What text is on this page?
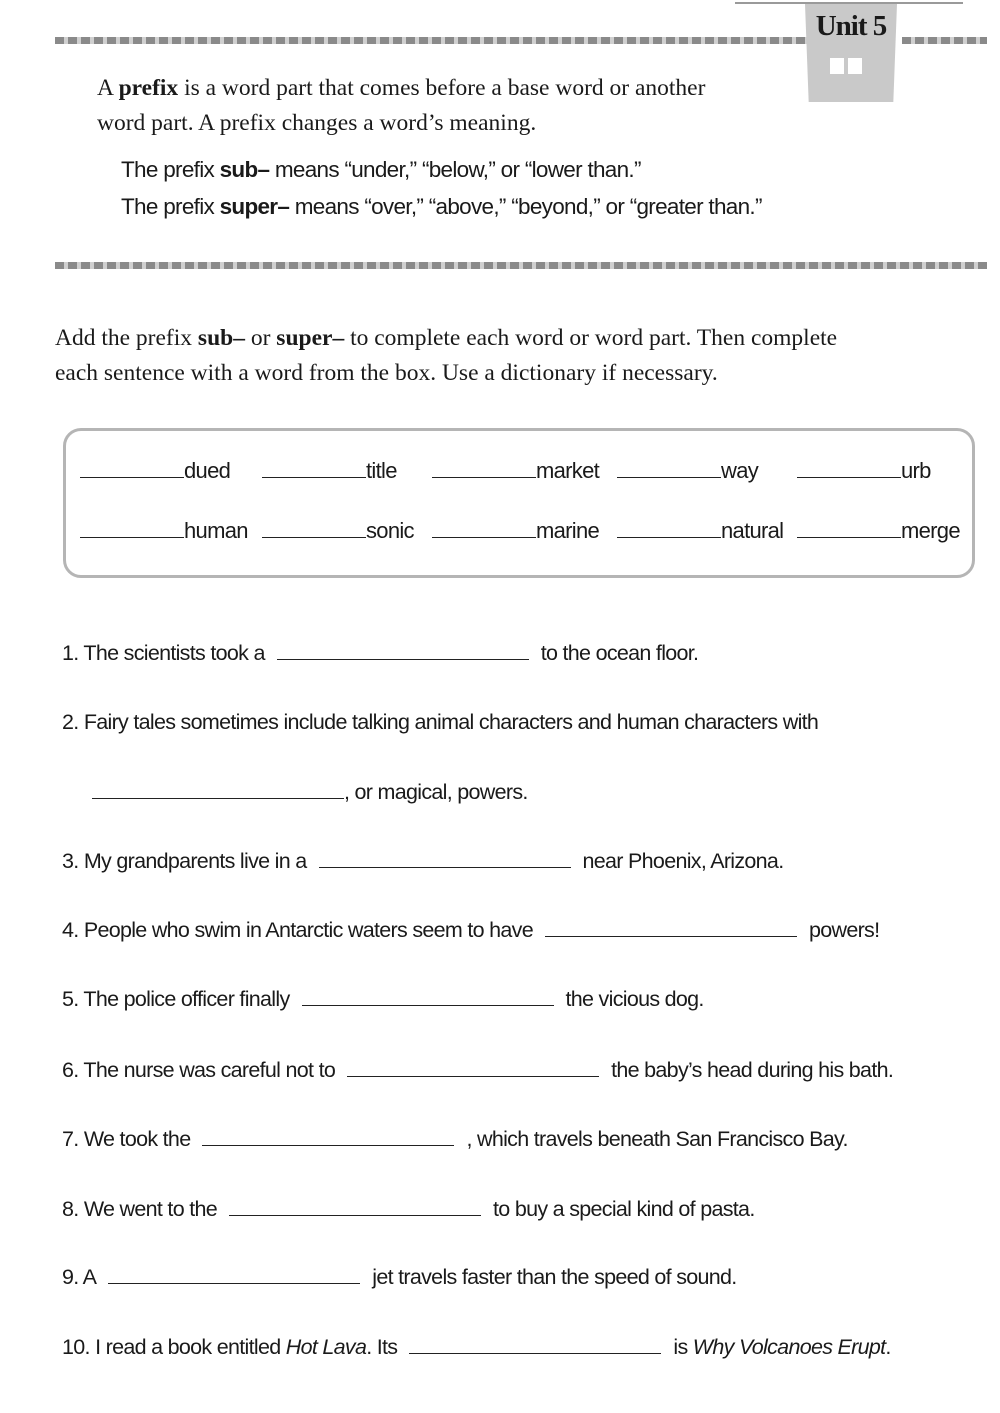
Unit 5
A prefix is a word part that comes before a base word or another
word part. A prefix changes a word’s meaning.
The prefix sub– means “under,” “below,” or “lower than.”
The prefix super– means “over,” “above,” “beyond,” or “greater than.”
Add the prefix sub– or super– to complete each word or word part. Then complete
each sentence with a word from the box. Use a dictionary if necessary.
dued	title	market	way	urb
human	sonic	marine	natural	merge
1. The scientists took a	to the ocean floor.
2. Fairy tales sometimes include talking animal characters and human characters with
, or magical, powers.
3. My grandparents live in a	near Phoenix, Arizona.
4. People who swim in Antarctic waters seem to have	powers!
5. The police officer finally	the vicious dog.
6. The nurse was careful not to	the baby’s head during his bath.
7. We took the	, which travels beneath San Francisco Bay.
8. We went to the	to buy a special kind of pasta.
9. A	jet travels faster than the speed of sound.
10. I read a book entitled Hot Lava. Its	is Why Volcanoes Erupt.
